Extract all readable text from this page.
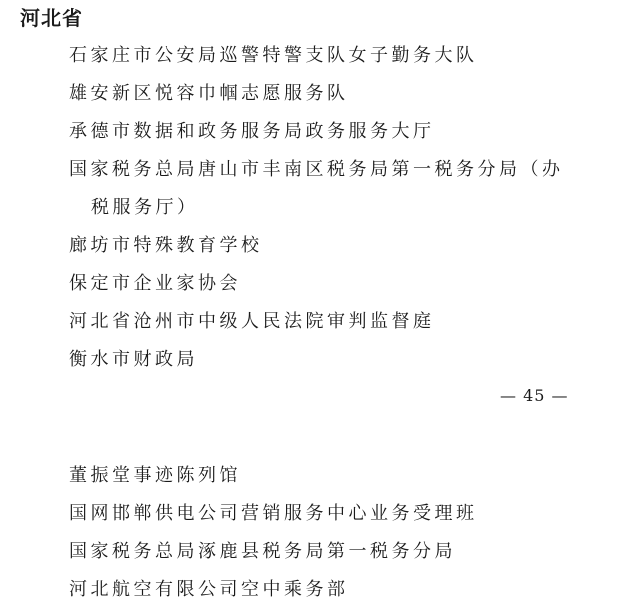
河北省
石家庄市公安局巡警特警支队女子勤务大队
雄安新区悦容巾帼志愿服务队
承德市数据和政务服务局政务服务大厅
国家税务总局唐山市丰南区税务局第一税务分局（办
税服务厅）
廊坊市特殊教育学校
保定市企业家协会
河北省沧州市中级人民法院审判监督庭
衡水市财政局
— 45 —
董振堂事迹陈列馆
国网邯郸供电公司营销服务中心业务受理班
国家税务总局涿鹿县税务局第一税务分局
河北航空有限公司空中乘务部
